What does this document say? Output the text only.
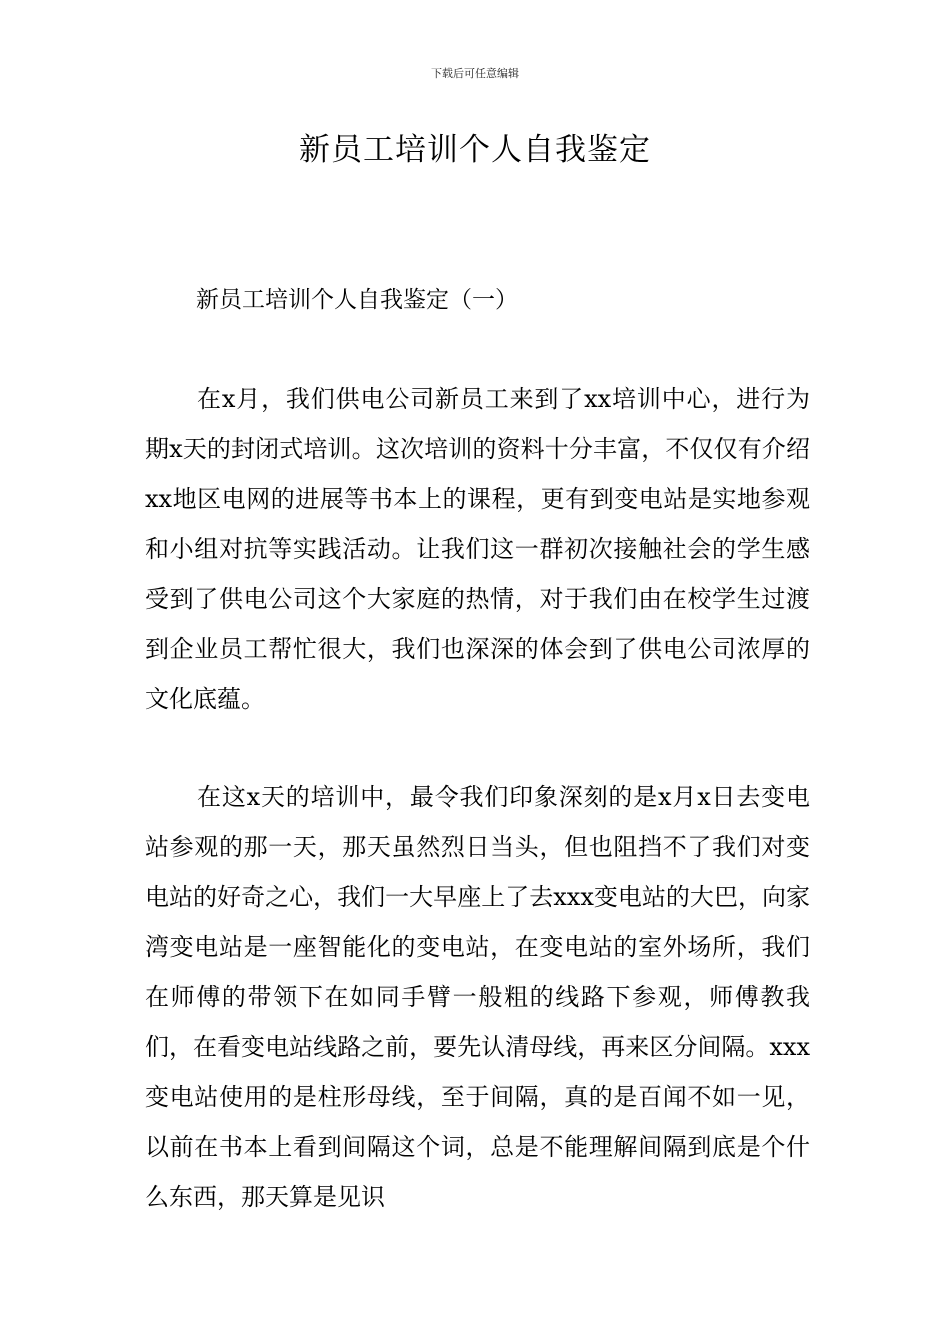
下载后可任意编辑
新员工培训个人自我鉴定
新员工培训个人自我鉴定（一）

在x月，我们供电公司新员工来到了xx培训中心，进行为期x天的封闭式培训。这次培训的资料十分丰富，不仅仅有介绍xx地区电网的进展等书本上的课程，更有到变电站是实地参观和小组对抗等实践活动。让我们这一群初次接触社会的学生感受到了供电公司这个大家庭的热情，对于我们由在校学生过渡到企业员工帮忙很大，我们也深深的体会到了供电公司浓厚的文化底蕴。

在这x天的培训中，最令我们印象深刻的是x月x日去变电站参观的那一天，那天虽然烈日当头，但也阻挡不了我们对变电站的好奇之心，我们一大早座上了去xxx变电站的大巴，向家湾变电站是一座智能化的变电站，在变电站的室外场所，我们在师傅的带领下在如同手臂一般粗的线路下参观，师傅教我们，在看变电站线路之前，要先认清母线，再来区分间隔。xxx变电站使用的是柱形母线，至于间隔，真的是百闻不如一见，以前在书本上看到间隔这个词，总是不能理解间隔到底是个什么东西，那天算是见识
